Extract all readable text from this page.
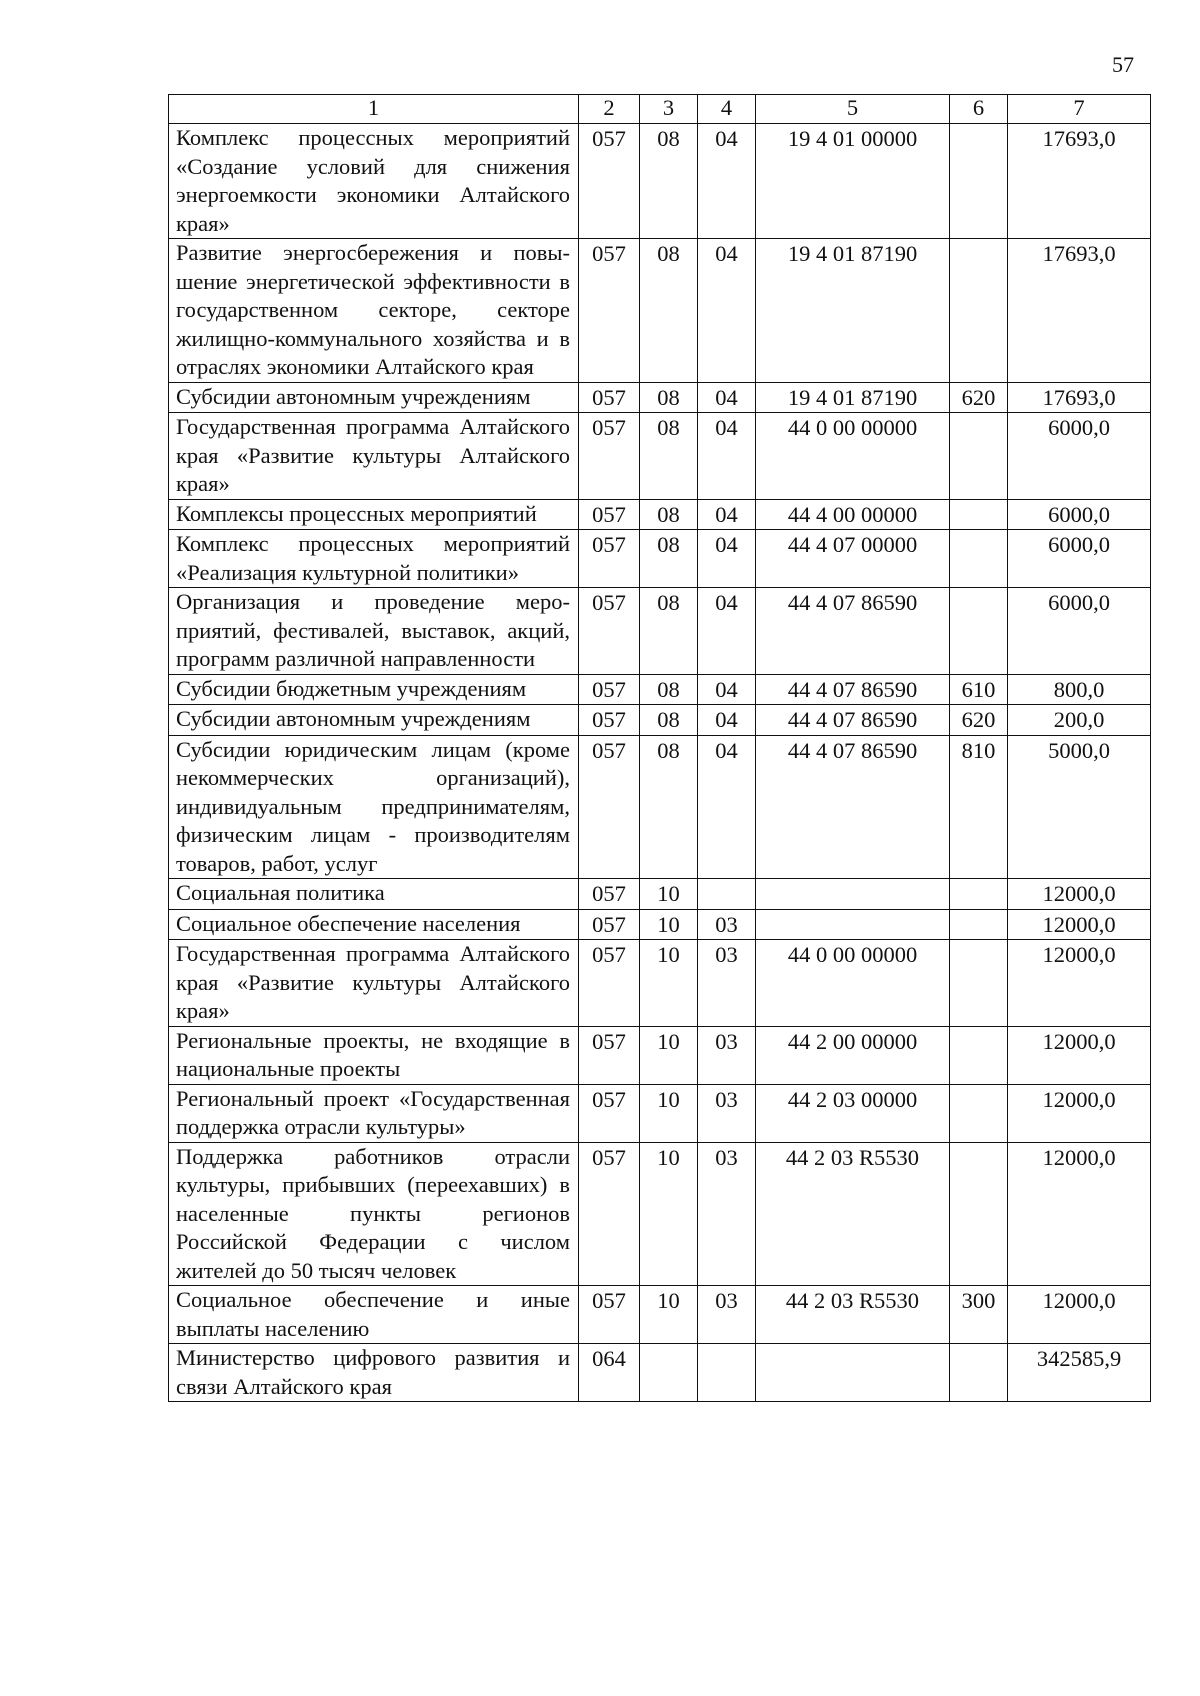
57
1	2	3	4	5	6	7
Комплекс процессных мероприятий «Создание условий для снижения энергоемкости экономики Алтайского края»	057	08	04	19 4 01 00000		17693,0
Развитие энергосбережения и повышение энергетической эффективности в государственном секторе, секторе жилищно-коммунального хозяйства и в отраслях экономики Алтайского края	057	08	04	19 4 01 87190		17693,0
Субсидии автономным учреждениям	057	08	04	19 4 01 87190	620	17693,0
Государственная программа Алтайского края «Развитие культуры Алтайского края»	057	08	04	44 0 00 00000		6000,0
Комплексы процессных мероприятий	057	08	04	44 4 00 00000		6000,0
Комплекс процессных мероприятий «Реализация культурной политики»	057	08	04	44 4 07 00000		6000,0
Организация и проведение мероприятий, фестивалей, выставок, акций, программ различной направленности	057	08	04	44 4 07 86590		6000,0
Субсидии бюджетным учреждениям	057	08	04	44 4 07 86590	610	800,0
Субсидии автономным учреждениям	057	08	04	44 4 07 86590	620	200,0
Субсидии юридическим лицам (кроме некоммерческих организаций), индивидуальным предпринимателям, физическим лицам - производителям товаров, работ, услуг	057	08	04	44 4 07 86590	810	5000,0
Социальная политика	057	10				12000,0
Социальное обеспечение населения	057	10	03			12000,0
Государственная программа Алтайского края «Развитие культуры Алтайского края»	057	10	03	44 0 00 00000		12000,0
Региональные проекты, не входящие в национальные проекты	057	10	03	44 2 00 00000		12000,0
Региональный проект «Государственная поддержка отрасли культуры»	057	10	03	44 2 03 00000		12000,0
Поддержка работников отрасли культуры, прибывших (переехавших) в населенные пункты регионов Российской Федерации с числом жителей до 50 тысяч человек	057	10	03	44 2 03 R5530		12000,0
Социальное обеспечение и иные выплаты населению	057	10	03	44 2 03 R5530	300	12000,0
Министерство цифрового развития и связи Алтайского края	064					342585,9
